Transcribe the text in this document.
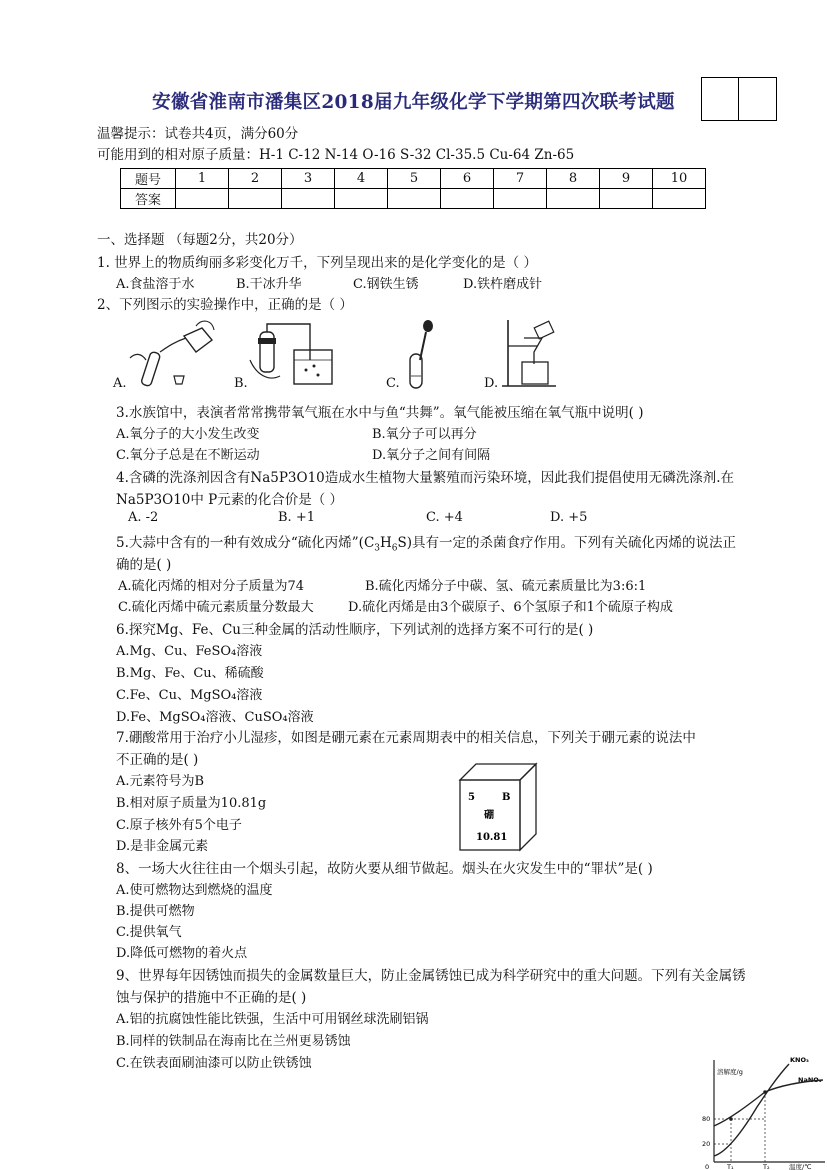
安徽省淮南市潘集区2018届九年级化学下学期第四次联考试题
温馨提示：试卷共4页，满分60分
可能用到的相对原子质量：H-1 C-12 N-14 O-16 S-32 Cl-35.5 Cu-64 Zn-65
题号	1	2	3	4	5	6	7	8	9	10
答案										
一、选择题 （每题2分，共20分）
1. 世界上的物质绚丽多彩变化万千，下列呈现出来的是化学变化的是（ ）
A.食盐溶于水	B.干冰升华	C.钢铁生锈	D.铁杵磨成针
2、下列图示的实验操作中，正确的是（ ）
A.	B.	C.	D.
3.水族馆中，表演者常常携带氧气瓶在水中与鱼“共舞”。氧气能被压缩在氧气瓶中说明( )
A.氧分子的大小发生改变	B.氧分子可以再分
C.氧分子总是在不断运动	D.氧分子之间有间隔
4.含磷的洗涤剂因含有Na5P3O10造成水生植物大量繁殖而污染环境，因此我们提倡使用无磷洗涤剂.在
Na5P3O10中 P元素的化合价是（ ）
A. -2	B. +1	C. +4	D. +5
5.大蒜中含有的一种有效成分“硫化丙烯$”(C_3H_6S)$具有一定的杀菌食疗作用。下列有关硫化丙烯的说法正
确的是( )
A.硫化丙烯的相对分子质量为74	B.硫化丙烯分子中碳、氢、硫元素质量比为3:6:1
C.硫化丙烯中硫元素质量分数最大	D.硫化丙烯是由3个碳原子、6个氢原子和1个硫原子构成
6.探究Mg、Fe、Cu三种金属的活动性顺序，下列试剂的选择方案不可行的是( )
A.Mg、Cu、FeSO₄溶液
B.Mg、Fe、Cu、稀硫酸
C.Fe、Cu、MgSO₄溶液
D.Fe、MgSO₄溶液、CuSO₄溶液
7.硼酸常用于治疗小儿湿疹，如图是硼元素在元素周期表中的相关信息，下列关于硼元素的说法中
不正确的是( )
A.元素符号为B
B.相对原子质量为10.81g
C.原子核外有5个电子
D.是非金属元素
5	B
硼
10.81
8、一场大火往往由一个烟头引起，故防火要从细节做起。烟头在火灾发生中的“罪状”是( )
A.使可燃物达到燃烧的温度
B.提供可燃物
C.提供氧气
D.降低可燃物的着火点
9、世界每年因锈蚀而损失的金属数量巨大，防止金属锈蚀已成为科学研究中的重大问题。下列有关金属锈
蚀与保护的措施中不正确的是( )
A.铝的抗腐蚀性能比铁强，生活中可用钢丝球洗刷铝锅
B.同样的铁制品在海南比在兰州更易锈蚀
C.在铁表面刷油漆可以防止铁锈蚀
溶解度/g
KNO₃
NaNO₃
80
20
0	T₁	T₂	温度/℃
